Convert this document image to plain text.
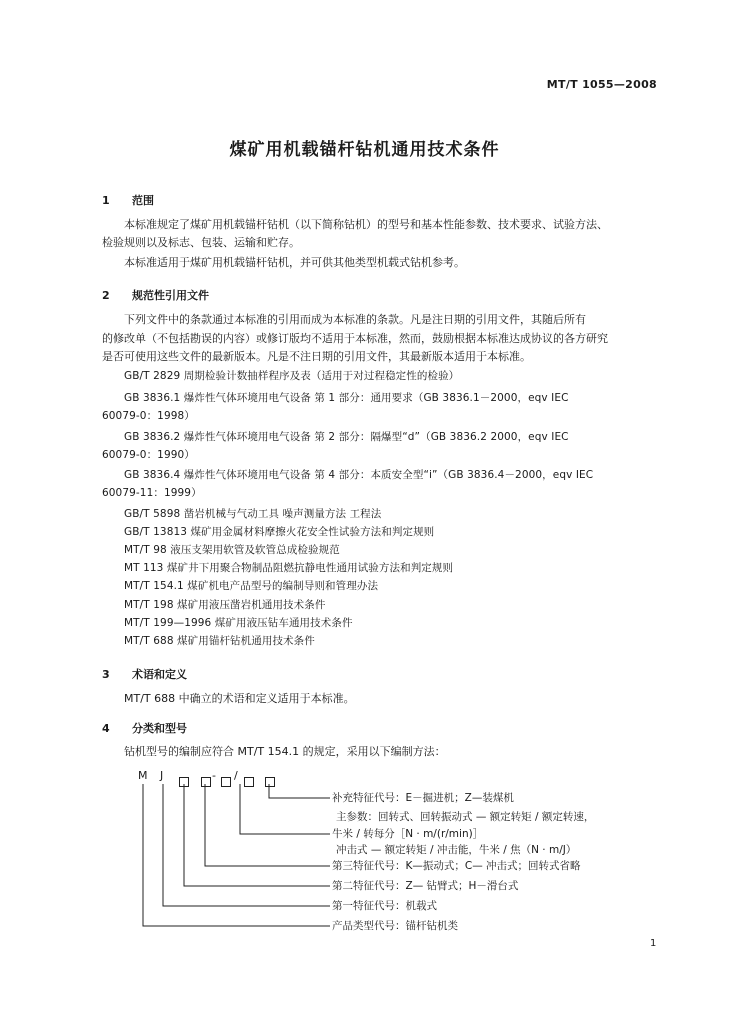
MT/T 1055—2008
煤矿用机载锚杆钻机通用技术条件
1 范围
本标准规定了煤矿用机载锚杆钻机（以下简称钻机）的型号和基本性能参数、技术要求、试验方法、
检验规则以及标志、包装、运输和贮存。
本标准适用于煤矿用机载锚杆钻机，并可供其他类型机载式钻机参考。
2 规范性引用文件
下列文件中的条款通过本标准的引用而成为本标准的条款。凡是注日期的引用文件，其随后所有
的修改单（不包括勘误的内容）或修订版均不适用于本标准，然而，鼓励根据本标准达成协议的各方研究
是否可使用这些文件的最新版本。凡是不注日期的引用文件，其最新版本适用于本标准。
GB/T 2829 周期检验计数抽样程序及表（适用于对过程稳定性的检验）
GB 3836.1 爆炸性气体环境用电气设备 第 1 部分：通用要求（GB 3836.1－2000，eqv IEC
60079-0：1998）
GB 3836.2 爆炸性气体环境用电气设备 第 2 部分：隔爆型“d”（GB 3836.2 2000，eqv IEC
60079-0：1990）
GB 3836.4 爆炸性气体环境用电气设备 第 4 部分：本质安全型“i”（GB 3836.4－2000，eqv IEC
60079-11：1999）
GB/T 5898 凿岩机械与气动工具 噪声测量方法 工程法
GB/T 13813 煤矿用金属材料摩擦火花安全性试验方法和判定规则
MT/T 98 液压支架用软管及软管总成检验规范
MT 113 煤矿井下用聚合物制品阻燃抗静电性通用试验方法和判定规则
MT/T 154.1 煤矿机电产品型号的编制导则和管理办法
MT/T 198 煤矿用液压凿岩机通用技术条件
MT/T 199—1996 煤矿用液压钻车通用技术条件
MT/T 688 煤矿用锚杆钻机通用技术条件
3 术语和定义
MT/T 688 中确立的术语和定义适用于本标准。
4 分类和型号
钻机型号的编制应符合 MT/T 154.1 的规定，采用以下编制方法：
M J	- /
补充特征代号：E－掘进机；Z—装煤机
主参数：回转式、回转振动式 — 额定转矩 / 额定转速，
牛米 / 转每分［N · m/(r/min)］
冲击式 — 额定转矩 / 冲击能，牛米 / 焦（N · m/J）
第三特征代号：K—振动式；C— 冲击式；回转式省略
第二特征代号：Z— 钻臂式；H－滑台式
第一特征代号：机载式
产品类型代号：锚杆钻机类
1
